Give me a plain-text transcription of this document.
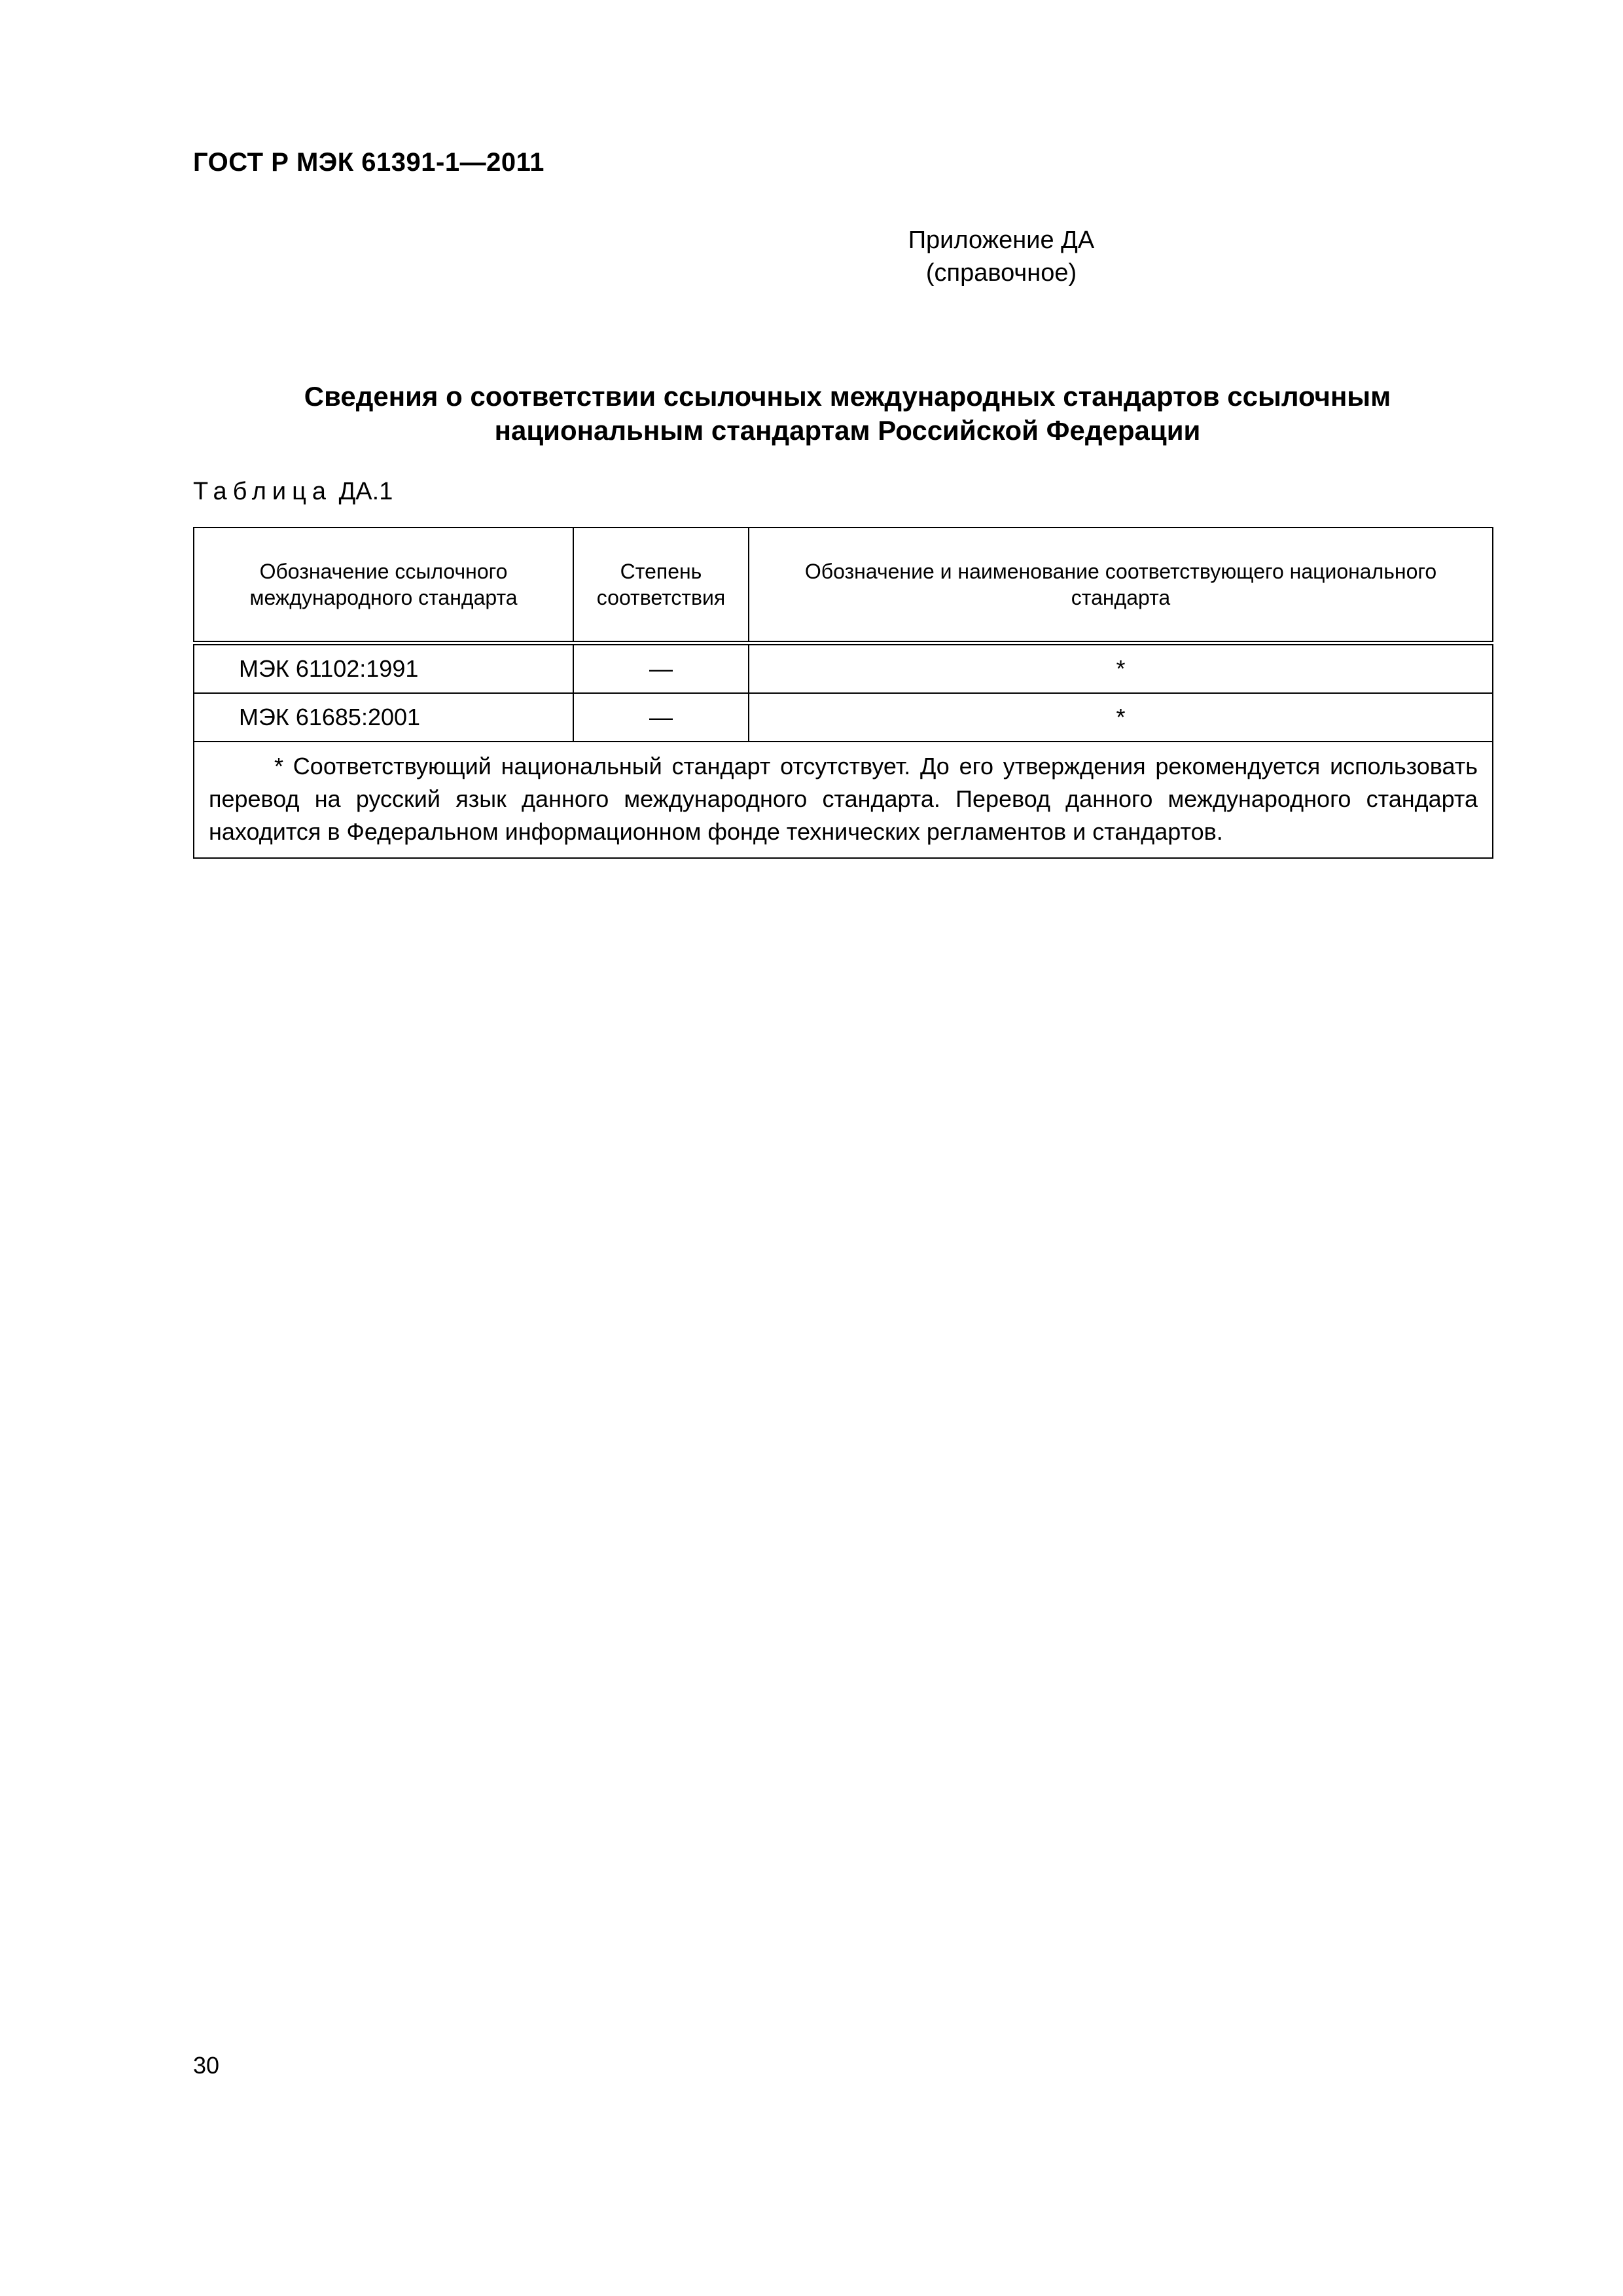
ГОСТ Р МЭК 61391-1—2011
Приложение ДА
(справочное)
Сведения о соответствии ссылочных международных стандартов ссылочным
национальным стандартам Российской Федерации
Таблица ДА.1
Обозначение ссылочного международного стандарта	Степень соответствия	Обозначение и наименование соответствующего национального стандарта

МЭК 61102:1991	—	*
МЭК 61685:2001	—	*
* Соответствующий национальный стандарт отсутствует. До его утверждения рекомендуется использовать перевод на русский язык данного международного стандарта. Перевод данного международного стандарта находится в Федеральном информационном фонде технических регламентов и стандартов.		
30
